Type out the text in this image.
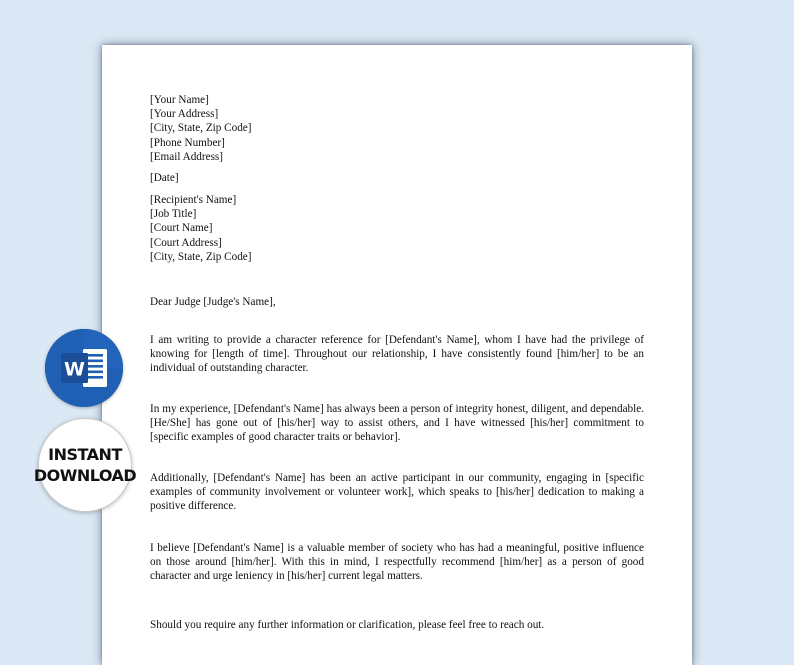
[Your Name]
[Your Address]
[City, State, Zip Code]
[Phone Number]
[Email Address]
[Date]
[Recipient's Name]
[Job Title]
[Court Name]
[Court Address]
[City, State, Zip Code]
Dear Judge [Judge's Name],
I am writing to provide a character reference for [Defendant's Name], whom I have had the privilege of knowing for [length of time]. Throughout our relationship, I have consistently found [him/her] to be an individual of outstanding character.
In my experience, [Defendant's Name] has always been a person of integrity honest, diligent, and dependable. [He/She] has gone out of [his/her] way to assist others, and I have witnessed [his/her] commitment to [specific examples of good character traits or behavior].
Additionally, [Defendant's Name] has been an active participant in our community, engaging in [specific examples of community involvement or volunteer work], which speaks to [his/her] dedication to making a positive difference.
I believe [Defendant's Name] is a valuable member of society who has had a meaningful, positive influence on those around [him/her]. With this in mind, I respectfully recommend [him/her] as a person of good character and urge leniency in [his/her] current legal matters.
Should you require any further information or clarification, please feel free to reach out.
W
INSTANT
DOWNLOAD
